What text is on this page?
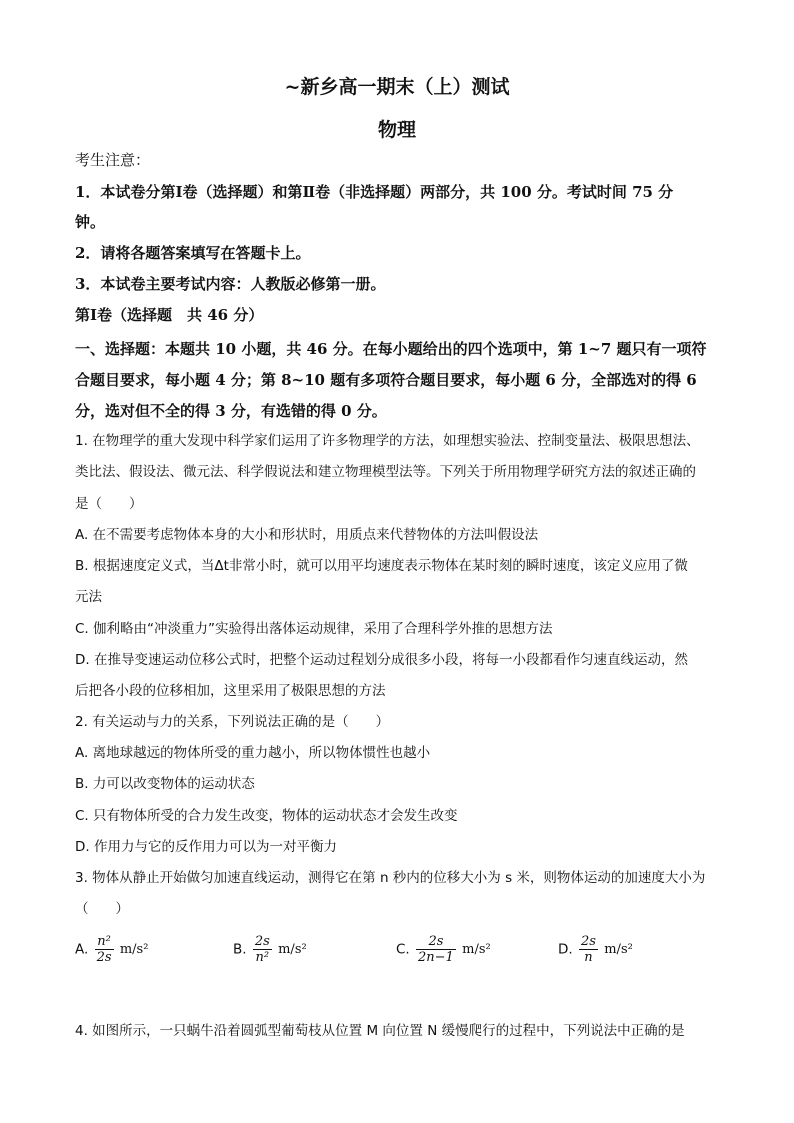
~新乡高一期末（上）测试
物理
考生注意：
1．本试卷分第Ⅰ卷（选择题）和第Ⅱ卷（非选择题）两部分，共 100 分。考试时间 75 分
钟。
2．请将各题答案填写在答题卡上。
3．本试卷主要考试内容：人教版必修第一册。
第Ⅰ卷（选择题　共 46 分）
一、选择题：本题共 10 小题，共 46 分。在每小题给出的四个选项中，第 1~7 题只有一项符
合题目要求，每小题 4 分；第 8~10 题有多项符合题目要求，每小题 6 分，全部选对的得 6
分，选对但不全的得 3 分，有选错的得 0 分。
1. 在物理学的重大发现中科学家们运用了许多物理学的方法，如理想实验法、控制变量法、极限思想法、
类比法、假设法、微元法、科学假说法和建立物理模型法等。下列关于所用物理学研究方法的叙述正确的
是（　　）
A. 在不需要考虑物体本身的大小和形状时，用质点来代替物体的方法叫假设法
B. 根据速度定义式，当Δt非常小时，就可以用平均速度表示物体在某时刻的瞬时速度，该定义应用了微
元法
C. 伽利略由“冲淡重力”实验得出落体运动规律，采用了合理科学外推的思想方法
D. 在推导变速运动位移公式时，把整个运动过程划分成很多小段，将每一小段都看作匀速直线运动，然
后把各小段的位移相加，这里采用了极限思想的方法
2. 有关运动与力的关系，下列说法正确的是（　　）
A. 离地球越远的物体所受的重力越小，所以物体惯性也越小
B. 力可以改变物体的运动状态
C. 只有物体所受的合力发生改变，物体的运动状态才会发生改变
D. 作用力与它的反作用力可以为一对平衡力
3. 物体从静止开始做匀加速直线运动，测得它在第 n 秒内的位移大小为 s 米，则物体运动的加速度大小为
（　　）
A. $\frac{\text{n²}}{2s} m/s^2$	B. $\frac{2s}{\text{n²}} m/s^2$	C. $\frac{2s}{2n-1} m/s^2$	D. $\frac{2s}{n} m/s^2$
4. 如图所示，一只蜗牛沿着圆弧型葡萄枝从位置 M 向位置 N 缓慢爬行的过程中，下列说法中正确的是
